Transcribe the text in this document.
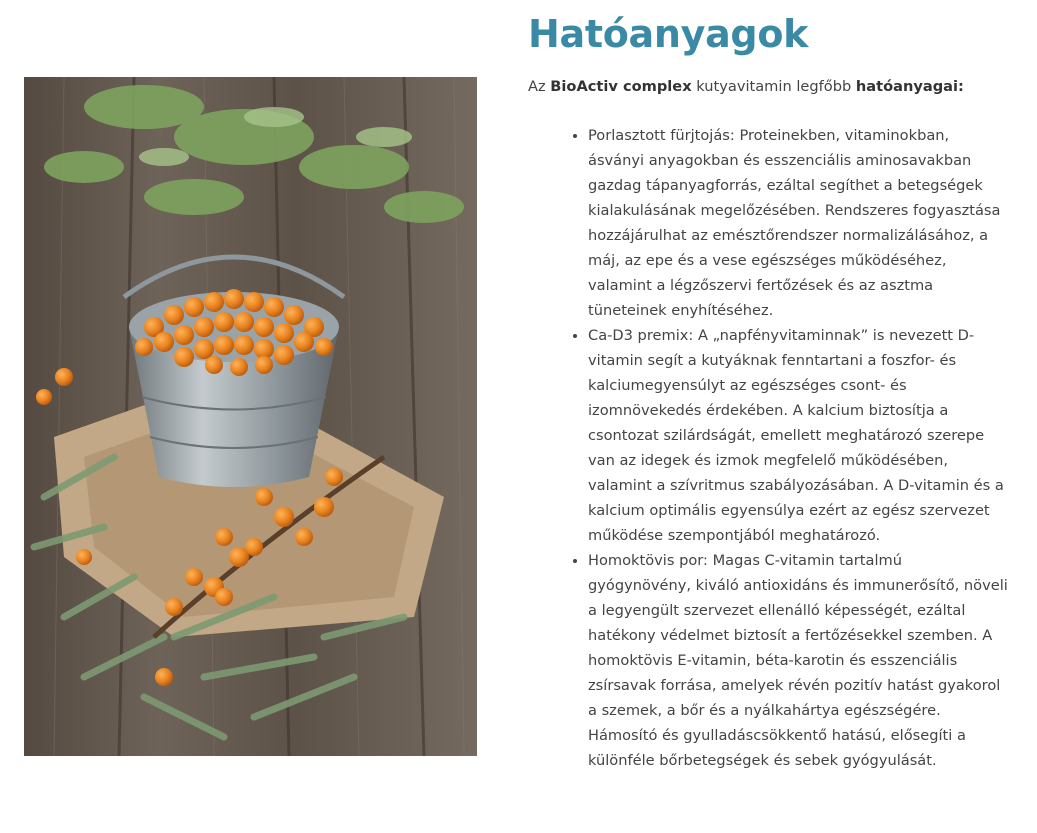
Hatóanyagok

Az BioActiv complex kutyavitamin legfőbb hatóanyagai:

• Porlasztott fürjtojás: Proteinekben, vitaminokban, ásványi anyagokban és esszenciális aminosavakban gazdag tápanyagforrás, ezáltal segíthet a betegségek kialakulásának megelőzésében. Rendszeres fogyasztása hozzájárulhat az emésztőrendszer normalizálásához, a máj, az epe és a vese egészséges működéséhez, valamint a légzőszervi fertőzések és az asztma tüneteinek enyhítéséhez.
• Ca-D3 premix: A „napfényvitaminnak” is nevezett D-vitamin segít a kutyáknak fenntartani a foszfor- és kalciumegyensúlyt az egészséges csont- és izomnövekedés érdekében. A kalcium biztosítja a csontozat szilárdságát, emellett meghatározó szerepe van az idegek és izmok megfelelő működésében, valamint a szívritmus szabályozásában. A D-vitamin és a kalcium optimális egyensúlya ezért az egész szervezet működése szempontjából meghatározó.
• Homoktövis por: Magas C-vitamin tartalmú gyógynövény, kiváló antioxidáns és immunerősítő, növeli a legyengült szervezet ellenálló képességét, ezáltal hatékony védelmet biztosít a fertőzésekkel szemben. A homoktövis E-vitamin, béta-karotin és esszenciális zsírsavak forrása, amelyek révén pozitív hatást gyakorol a szemek, a bőr és a nyálkahártya egészségére. Hámosító és gyulladáscsökkentő hatású, elősegíti a különféle bőrbetegségek és sebek gyógyulását.
